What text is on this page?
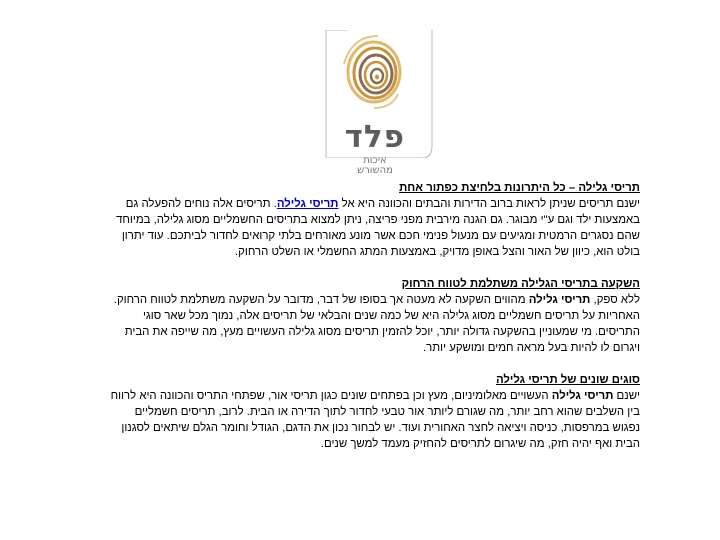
פלד
איכות מהשורש
תריסי גלילה – כל היתרונות בלחיצת כפתור אחת

ישנם תריסים שניתן לראות ברוב הדירות והבתים והכוונה היא אל תריסי גלילה. תריסים אלה נוחים להפעלה גם באמצעות ילד וגם ע"י מבוגר. גם הגנה מירבית מפני פריצה, ניתן למצוא בתריסים החשמליים מסוג גלילה, במיוחד שהם נסגרים הרמטית ומגיעים עם מנעול פנימי חכם אשר מונע מאורחים בלתי קרואים לחדור לביתכם. עוד יתרון בולט הוא, כיוון של האור והצל באופן מדויק, באמצעות המתג החשמלי או השלט הרחוק.

השקעה בתריסי הגלילה משתלמת לטווח הרחוק

ללא ספק, תריסי גלילה מהווים השקעה לא מעטה אך בסופו של דבר, מדובר על השקעה משתלמת לטווח הרחוק. האחריות על תריסים חשמליים מסוג גלילה היא של כמה שנים והבלאי של תריסים אלה, נמוך מכל שאר סוגי התריסים. מי שמעוניין בהשקעה גדולה יותר, יוכל להזמין תריסים מסוג גלילה העשויים מעץ, מה שייפה את הבית ויגרום לו להיות בעל מראה חמים ומושקע יותר.

סוגים שונים של תריסי גלילה

ישנם תריסי גלילה העשויים מאלומיניום, מעץ וכן בפתחים שונים כגון תריסי אור, שפתחי התריס והכוונה היא לרווח בין השלבים שהוא רחב יותר, מה שגורם ליותר אור טבעי לחדור לתוך הדירה או הבית. לרוב, תריסים חשמליים נפגוש במרפסות, כניסה ויציאה לחצר האחורית ועוד. יש לבחור נכון את הדגם, הגודל וחומר הגלם שיתאים לסגנון הבית ואף יהיה חזק, מה שיגרום לתריסים להחזיק מעמד למשך שנים.
